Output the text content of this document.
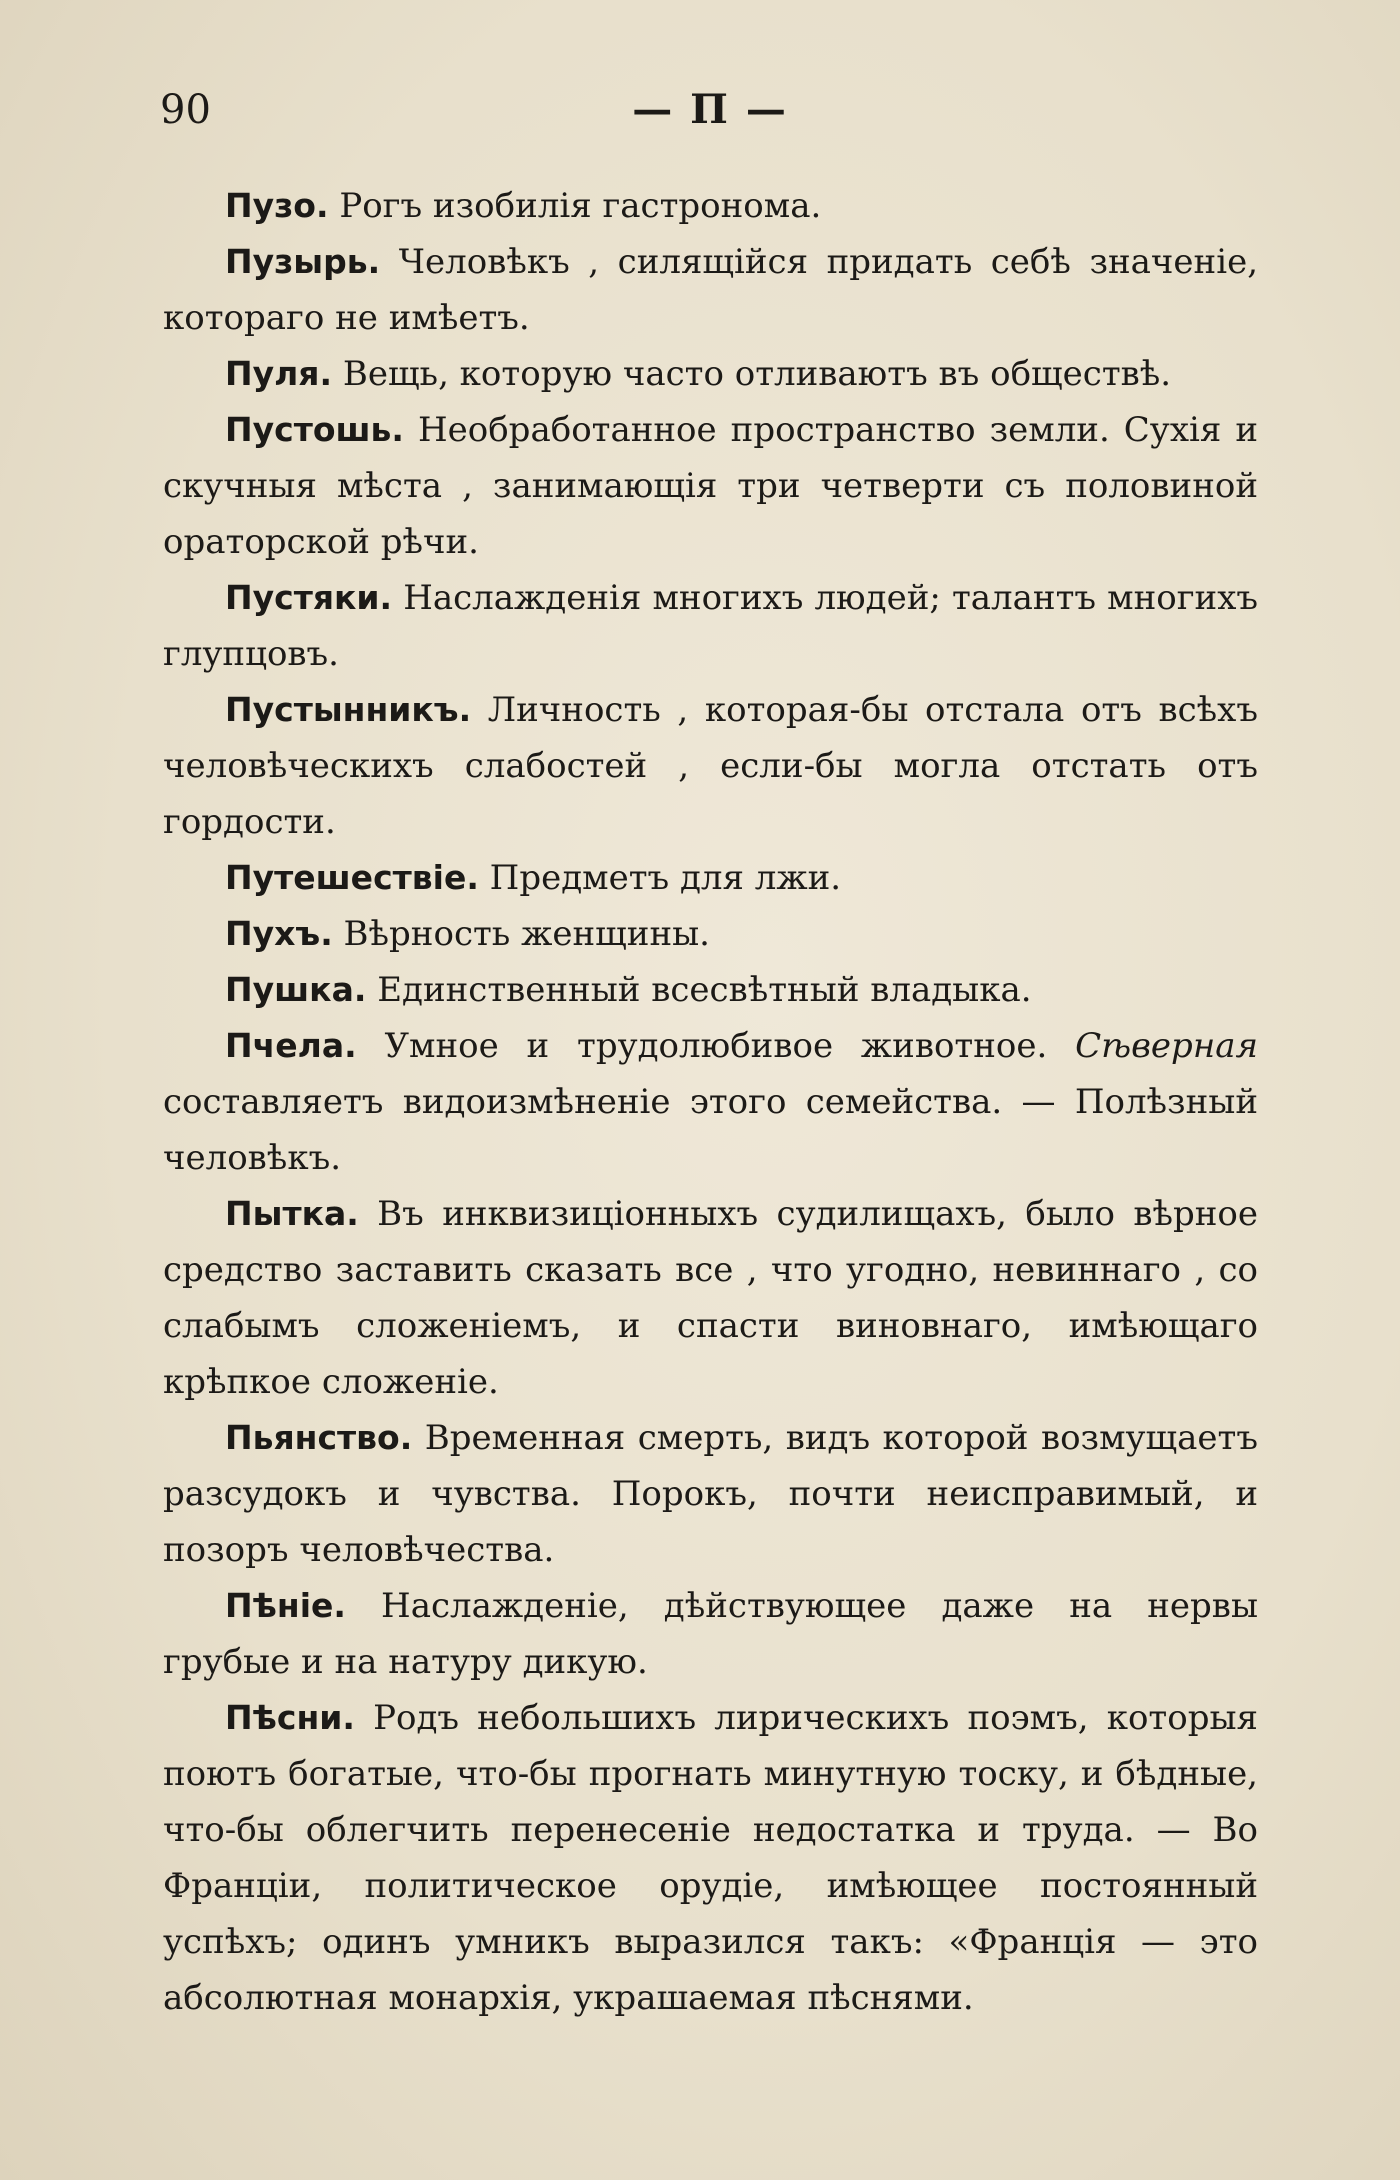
90	— П —

Пузо. Рогъ изобилія гастронома.

Пузырь. Человѣкъ , силящійся придать себѣ значеніе, котораго не имѣетъ.

Пуля. Вещь, которую часто отливаютъ въ обществѣ.

Пустошь. Необработанное пространство земли. Сухія и скучныя мѣста , занимающія три четверти съ половиной ораторской рѣчи.

Пустяки. Наслажденія многихъ людей; талантъ многихъ глупцовъ.

Пустынникъ. Личность , которая-бы отстала отъ всѣхъ человѣческихъ слабостей , если-бы могла отстать отъ гордости.

Путешествіе. Предметъ для лжи.

Пухъ. Вѣрность женщины.

Пушка. Единственный всесвѣтный владыка.

Пчела. Умное и трудолюбивое животное. Сѣверная составляетъ видоизмѣненіе этого семейства. — Полѣзный человѣкъ.

Пытка. Въ инквизиціонныхъ судилищахъ, было вѣрное средство заставить сказать все , что угодно, невиннаго , со слабымъ сложеніемъ, и спасти виновнаго, имѣющаго крѣпкое сложеніе.

Пьянство. Временная смерть, видъ которой возмущаетъ разсудокъ и чувства. Порокъ, почти неисправимый, и позоръ человѣчества.

Пѣніе. Наслажденіе, дѣйствующее даже на нервы грубые и на натуру дикую.

Пѣсни. Родъ небольшихъ лирическихъ поэмъ, которыя поютъ богатые, что-бы прогнать минутную тоску, и бѣдные, что-бы облегчить перенесеніе недостатка и труда. — Во Франціи, политическое орудіе, имѣющее постоянный успѣхъ; одинъ умникъ выразился такъ: «Франція — это абсолютная монархія, украшаемая пѣснями.
